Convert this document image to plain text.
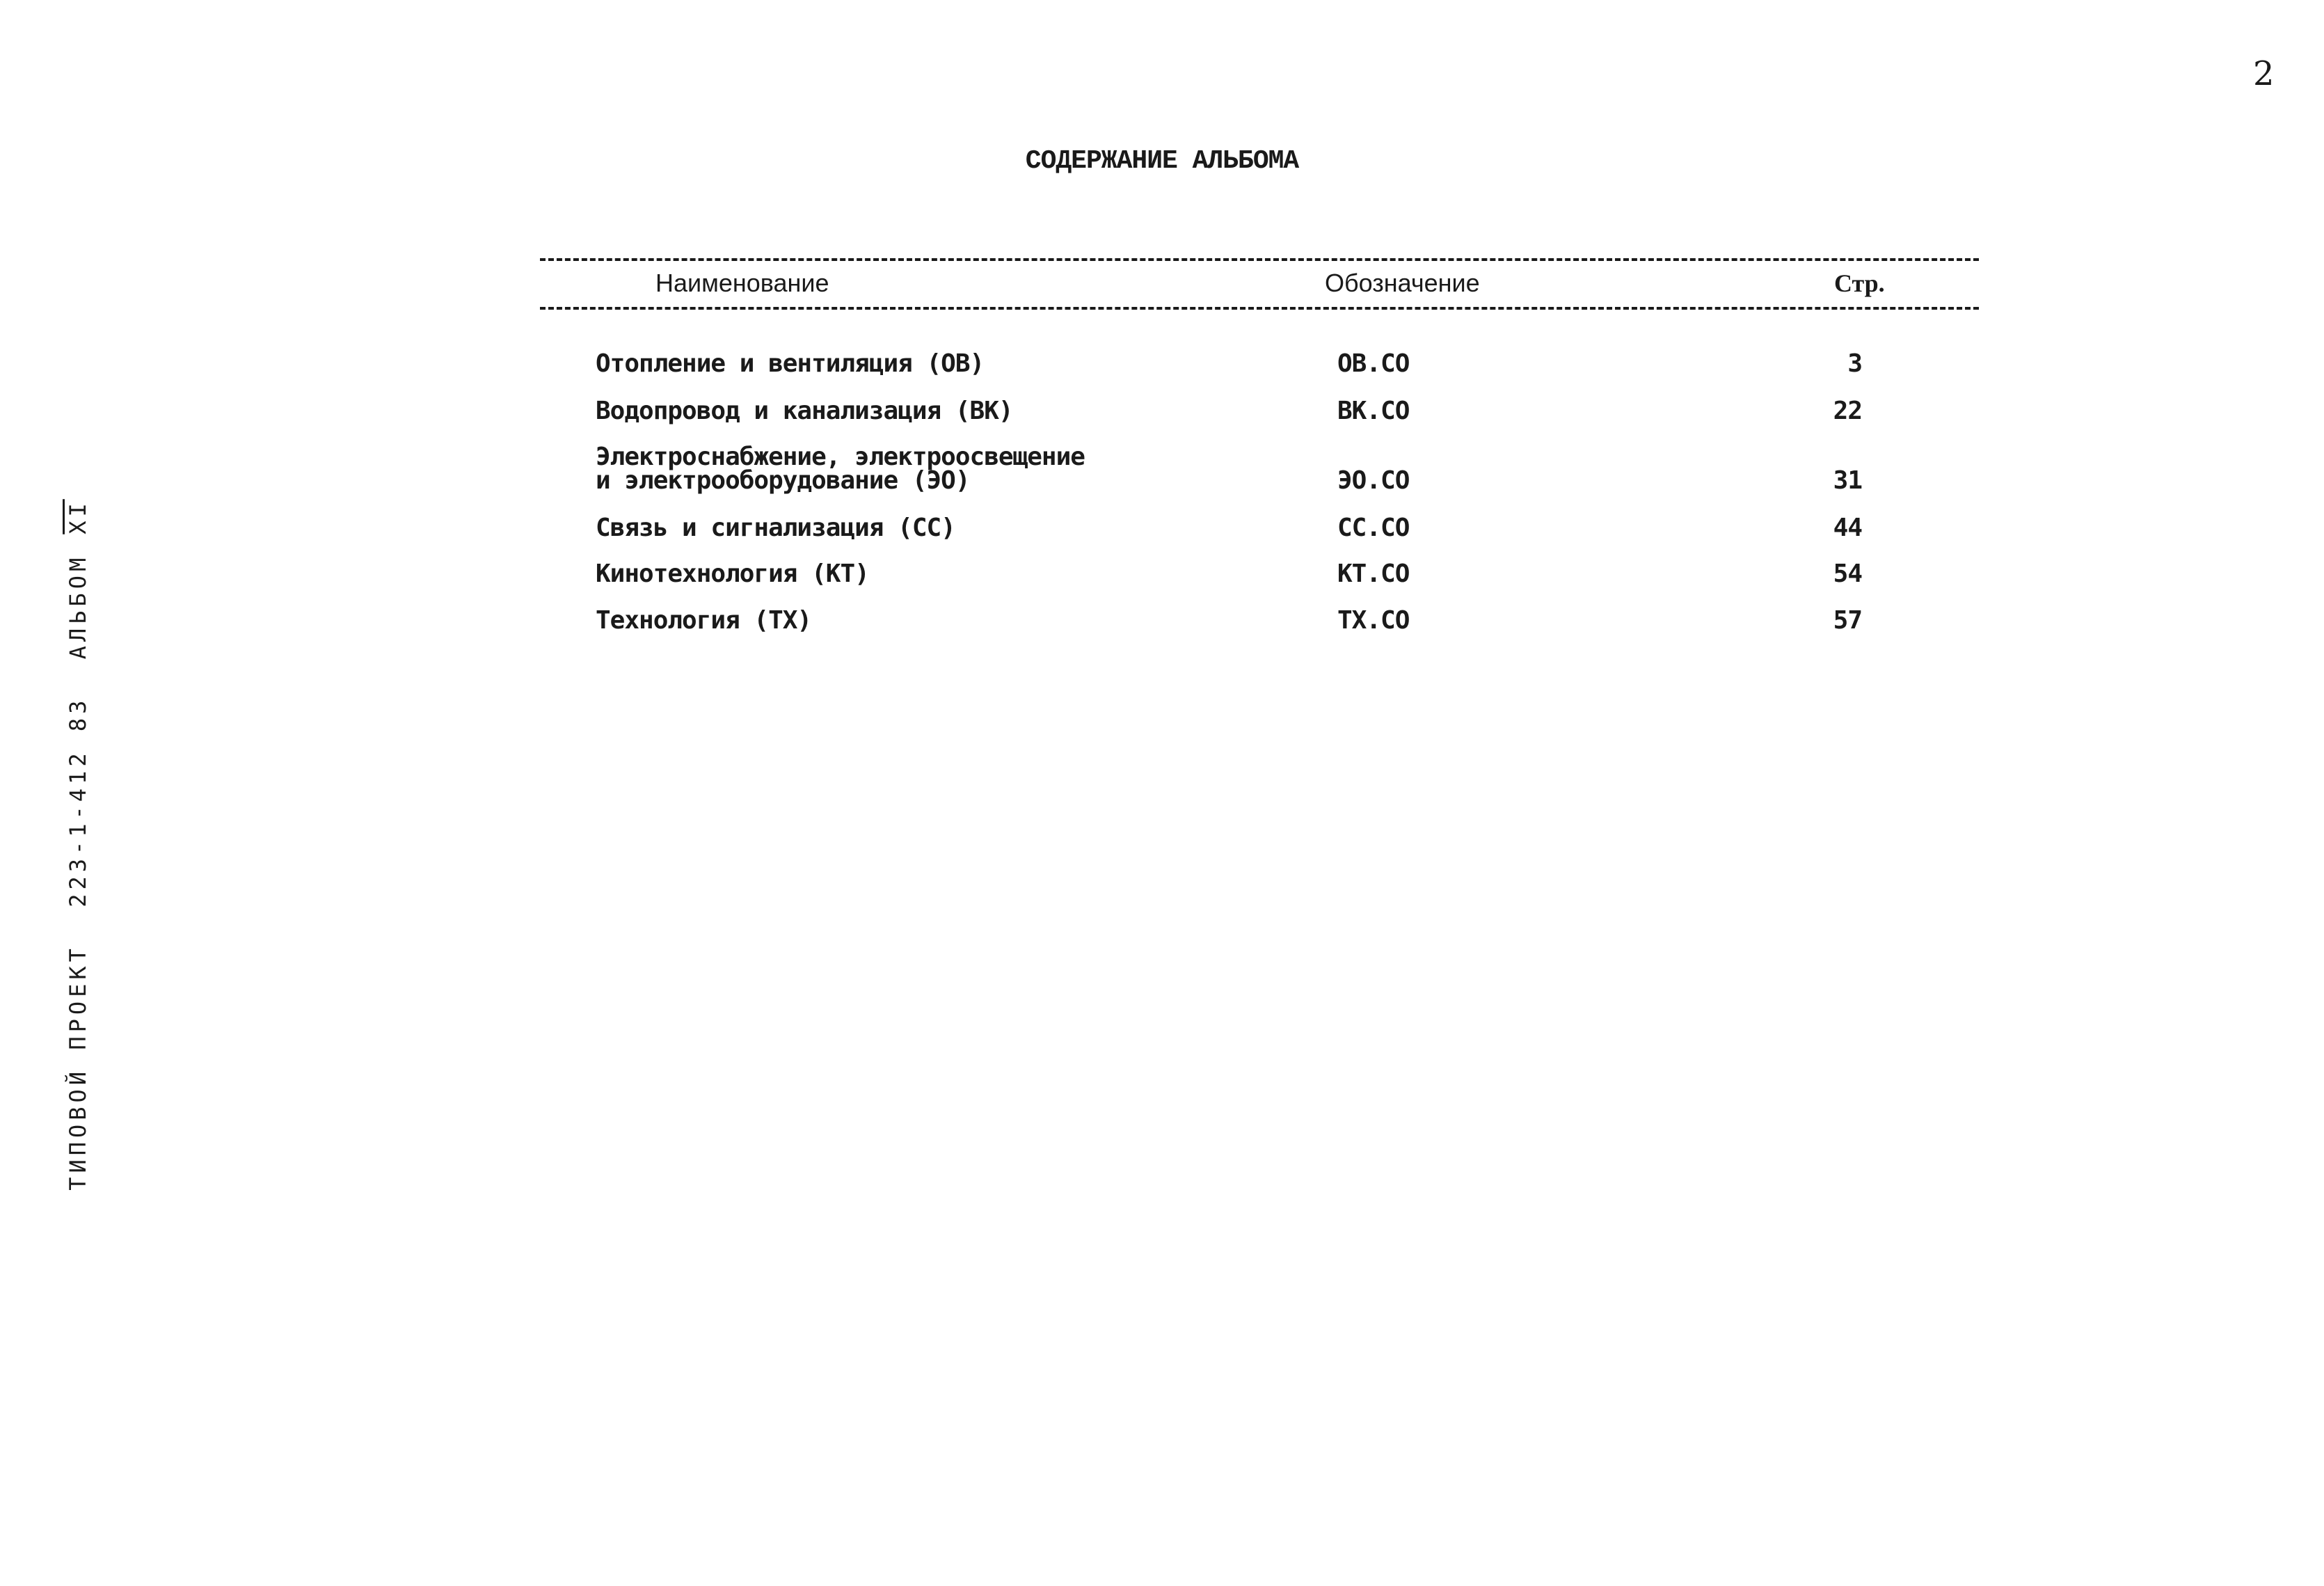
2
СОДЕРЖАНИЕ АЛЬБОМА
ТИПОВОЙ ПРОЕКТ 223-1-412 83 $АЛЬБОМ\overline{XI}$
Наименование	Обозначение	Стр.
Отопление и вентиляция (ОВ)	ОВ.СО	3
Водопровод и канализация (ВК)	ВК.СО	22
Электроснабжение, электроосвещение
и электрооборудование (ЭО)	ЭО.СО	31
Связь и сигнализация (СС)	СС.СО	44
Кинотехнология (КТ)	КТ.СО	54
Технология (ТХ)	ТХ.СО	57
